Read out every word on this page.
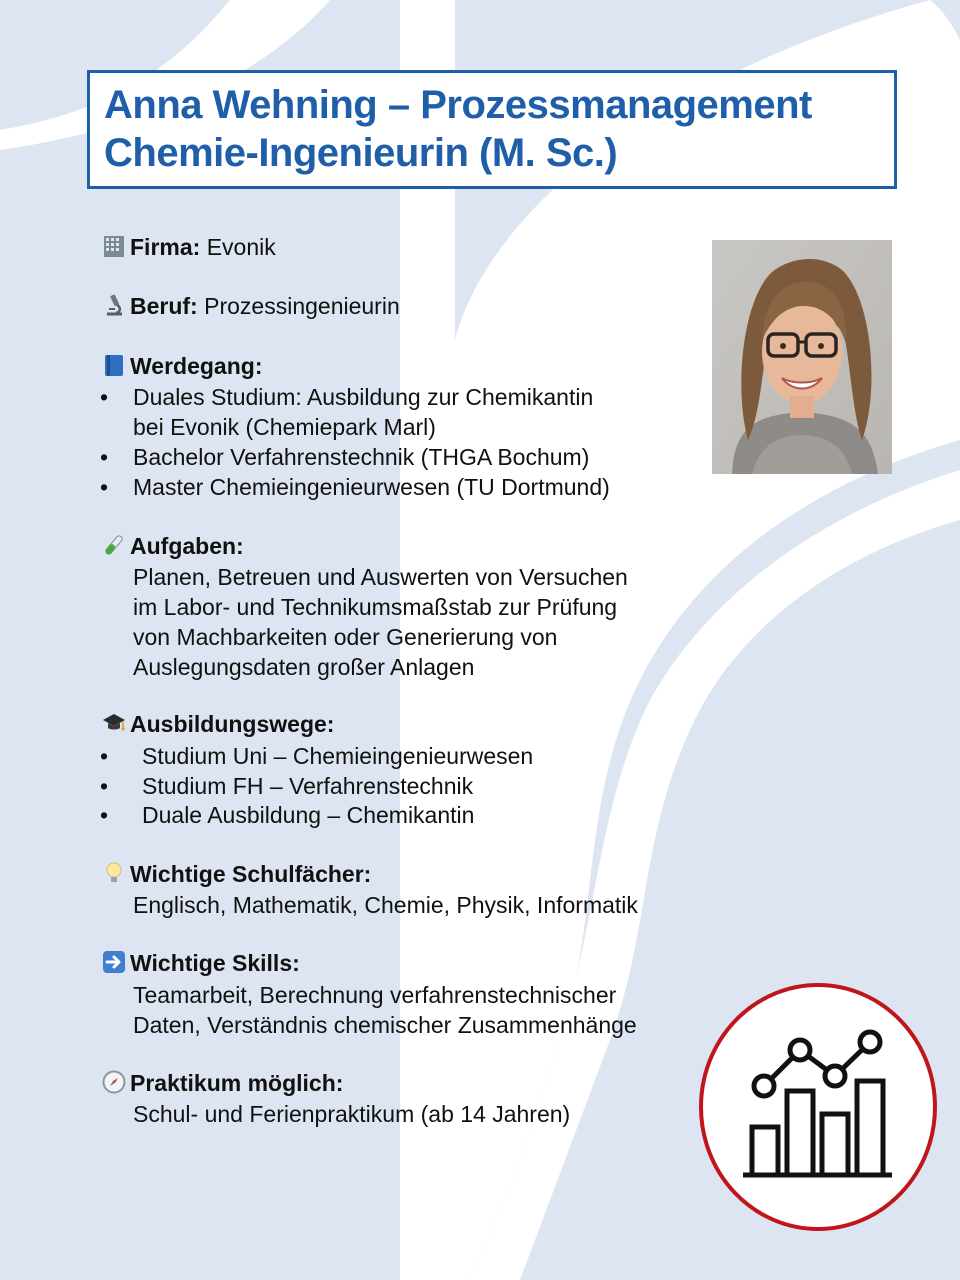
Anna Wehning – Prozessmanagement
Chemie-Ingenieurin (M. Sc.)
Firma: Evonik
Beruf: Prozessingenieurin
Werdegang:
• Duales Studium: Ausbildung zur Chemikantin
bei Evonik (Chemiepark Marl)
• Bachelor Verfahrenstechnik (THGA Bochum)
• Master Chemieingenieurwesen (TU Dortmund)
Aufgaben:
Planen, Betreuen und Auswerten von Versuchen
im Labor- und Technikumsmaßstab zur Prüfung
von Machbarkeiten oder Generierung von
Auslegungsdaten großer Anlagen
Ausbildungswege:
• Studium Uni – Chemieingenieurwesen
• Studium FH – Verfahrenstechnik
• Duale Ausbildung – Chemikantin
Wichtige Schulfächer:
Englisch, Mathematik, Chemie, Physik, Informatik
Wichtige Skills:
Teamarbeit, Berechnung verfahrenstechnischer
Daten, Verständnis chemischer Zusammenhänge
Praktikum möglich:
Schul- und Ferienpraktikum (ab 14 Jahren)
